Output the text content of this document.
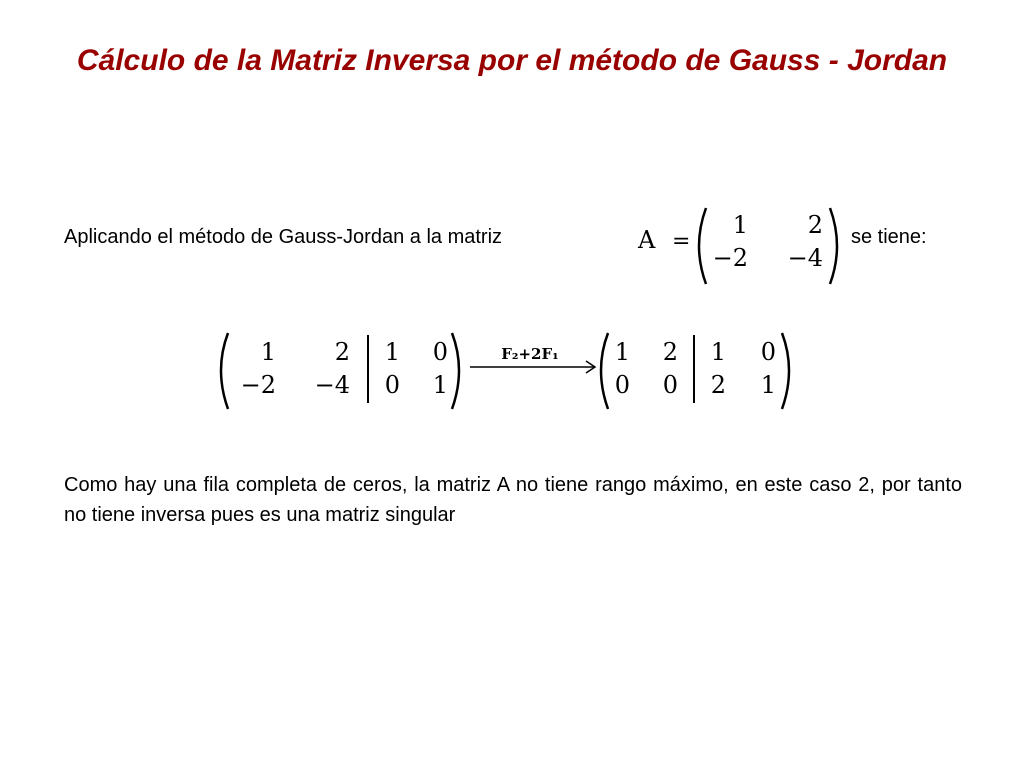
Cálculo de la Matriz Inversa por el método de Gauss - Jordan
Aplicando el método de Gauss-Jordan a la matriz	A =
1 2
−2 −4
se tiene:
1 2
−2 −4
1 0
0 1
F₂+2F₁ 1 2
0 0
1 0
2 1
Como hay una fila completa de ceros, la matriz A no tiene rango máximo, en este caso 2, por tanto no tiene inversa pues es una matriz singular
